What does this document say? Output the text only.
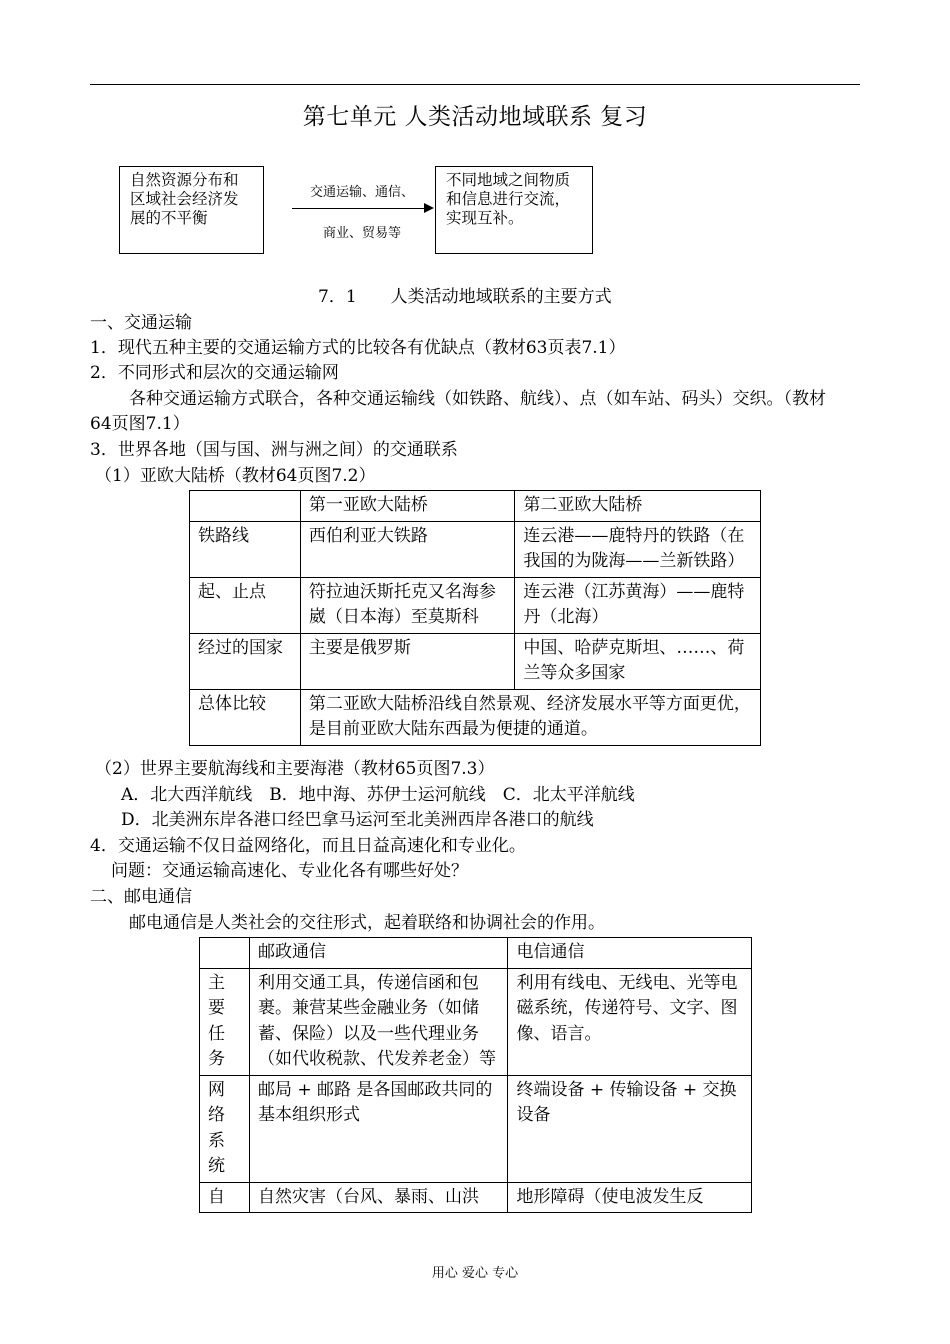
第七单元 人类活动地域联系 复习
自然资源分布和区域社会经济发展的不平衡
交通运输、通信、
商业、贸易等
不同地域之间物质和信息进行交流，实现互补。
7．1　　人类活动地域联系的主要方式
一、交通运输
1．现代五种主要的交通运输方式的比较各有优缺点（教材63页表7.1）
2．不同形式和层次的交通运输网
各种交通运输方式联合，各种交通运输线（如铁路、航线）、点（如车站、码头）交织。（教材
64页图7.1）
3．世界各地（国与国、洲与洲之间）的交通联系
（1）亚欧大陆桥（教材64页图7.2）
	第一亚欧大陆桥	第二亚欧大陆桥
铁路线	西伯利亚大铁路	连云港——鹿特丹的铁路（在我国的为陇海——兰新铁路）
起、止点	符拉迪沃斯托克又名海参崴（日本海）至莫斯科	连云港（江苏黄海）——鹿特丹（北海）
经过的国家	主要是俄罗斯	中国、哈萨克斯坦、……、荷兰等众多国家
总体比较	第二亚欧大陆桥沿线自然景观、经济发展水平等方面更优，是目前亚欧大陆东西最为便捷的通道。	
（2）世界主要航海线和主要海港（教材65页图7.3）
A．北大西洋航线　B．地中海、苏伊士运河航线　C．北太平洋航线
D．北美洲东岸各港口经巴拿马运河至北美洲西岸各港口的航线
4．交通运输不仅日益网络化，而且日益高速化和专业化。
问题：交通运输高速化、专业化各有哪些好处？
二、邮电通信
邮电通信是人类社会的交往形式，起着联络和协调社会的作用。
	邮政通信	电信通信
主要任务	利用交通工具，传递信函和包裹。兼营某些金融业务（如储蓄、保险）以及一些代理业务（如代收税款、代发养老金）等	利用有线电、无线电、光等电磁系统，传递符号、文字、图像、语言。
网络系统	邮局 + 邮路 是各国邮政共同的基本组织形式	终端设备 + 传输设备 + 交换设备
自	自然灾害（台风、暴雨、山洪	地形障碍（使电波发生反
用心 爱心 专心
